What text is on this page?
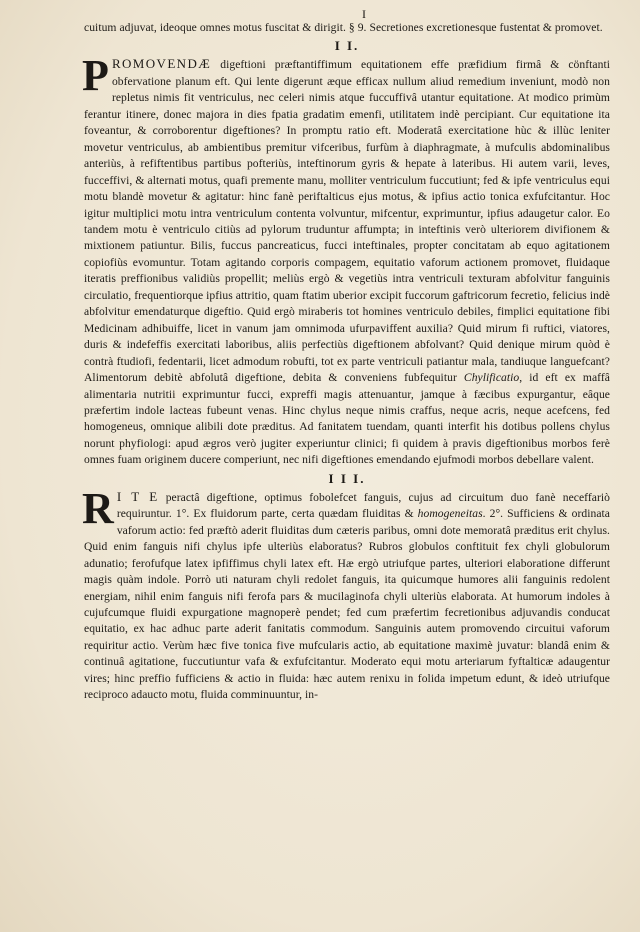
I

cuitum adjuvat, ideoque omnes motus fuscitat & dirigit. § 9. Secretiones excretionesque fustentat & promovet.

I I.

PROMOVENDÆ digeftioni præftantiffimum equitationem effe præfidium firmâ & cönftanti obfervatione planum eft. Qui lente digerunt æque efficax nullum aliud remedium inveniunt, modò non repletus nimis fit ventriculus, nec celeri nimis atque fuccuffivâ utantur equitatione. At modico primùm ferantur itinere, donec majora in dies fpatia gradatim emenfi, utilitatem indè percipiant. Cur equitatione ita foveantur, & corroborentur digeftiones? In promptu ratio eft. Moderatâ exercitatione hùc & illùc leniter movetur ventriculus, ab ambientibus premitur vifceribus, furfùm à diaphragmate, à mufculis abdominalibus anteriùs, à refiftentibus partibus pofteriùs, inteftinorum gyris & hepate à lateribus. Hi autem varii, leves, fucceffivi, & alternati motus, quafi premente manu, molliter ventriculum fuccutiunt; fed & ipfe ventriculus equi motu blandè movetur & agitatur: hinc fanè periftalticus ejus motus, & ipfius actio tonica exfufcitantur. Hoc igitur multiplici motu intra ventriculum contenta volvuntur, mifcentur, exprimuntur, ipfius adaugetur calor. Eo tandem motu è ventriculo citiùs ad pylorum truduntur affumpta; in inteftinis verò ulteriorem divifionem & mixtionem patiuntur. Bilis, fuccus pancreaticus, fucci inteftinales, propter concitatam ab equo agitationem copiofiùs evomuntur. Totam agitando corporis compagem, equitatio vaforum actionem promovet, fluidaque iteratis preffionibus validiùs propellit; meliùs ergò & vegetiùs intra ventriculi texturam abfolvitur fanguinis circulatio, frequentiorque ipfius attritio, quam ftatim uberior excipit fuccorum gaftricorum fecretio, felicius indè abfolvitur emendaturque digeftio. Quid ergò miraberis tot homines ventriculo debiles, fimplici equitatione fibi Medicinam adhibuiffe, licet in vanum jam omnimoda ufurpaviffent auxilia? Quid mirum fi ruftici, viatores, duris & indefeffis exercitati laboribus, aliis perfectiùs digeftionem abfolvant? Quid denique mirum quòd è contrà ftudiofi, fedentarii, licet admodum robufti, tot ex parte ventriculi patiantur mala, tandiuque languefcant? Alimentorum debitè abfolutâ digeftione, debita & conveniens fubfequitur Chylificatio, id eft ex maffâ alimentaria nutritii exprimuntur fucci, expreffi magis attenuantur, jamque à fæcibus expurgantur, eâque præfertim indole lacteas fubeunt venas. Hinc chylus neque nimis craffus, neque acris, neque acefcens, fed homogeneus, omnique alibili dote præditus. Ad fanitatem tuendam, quanti interfit his dotibus pollens chylus norunt phyfiologi: apud ægros verò jugiter experiuntur clinici; fi quidem à pravis digeftionibus morbos ferè omnes fuam originem ducere comperiunt, nec nifi digeftiones emendando ejufmodi morbos debellare valent.

I I I.

R I T E peractâ digeftione, optimus fobolefcet fanguis, cujus ad circuitum duo fanè neceffariò requiruntur. 1°. Ex fluidorum parte, certa quædam fluiditas & homogeneitas. 2°. Sufficiens & ordinata vaforum actio: fed præftò aderit fluiditas dum cæteris paribus, omni dote memoratâ præditus erit chylus. Quid enim fanguis nifi chylus ipfe ulteriùs elaboratus? Rubros globulos conftituit fex chyli globulorum adunatio; ferofufque latex ipfiffimus chyli latex eft. Hæ ergò utriufque partes, ulteriori elaboratione differunt magis quàm indole. Porrò uti naturam chyli redolet fanguis, ita quicumque humores alii fanguinis redolent energiam, nihil enim fanguis nifi ferofa pars & mucilaginofa chyli ulteriùs elaborata. At humorum indoles à cujufcumque fluidi expurgatione magnoperè pendet; fed cum præfertim fecretionibus adjuvandis conducat equitatio, ex hac adhuc parte aderit fanitatis commodum. Sanguinis autem promovendo circuitui vaforum requiritur actio. Verùm hæc five tonica five mufcularis actio, ab equitatione maximè juvatur: blandâ enim & continuâ agitatione, fuccutiuntur vafa & exfufcitantur. Moderato equi motu arteriarum fyftalticæ adaugentur vires; hinc preffio fufficiens & actio in fluida: hæc autem renixu in folida impetum edunt, & ideò utriufque reciproco adauctо motu, fluida comminuuntur, in-
